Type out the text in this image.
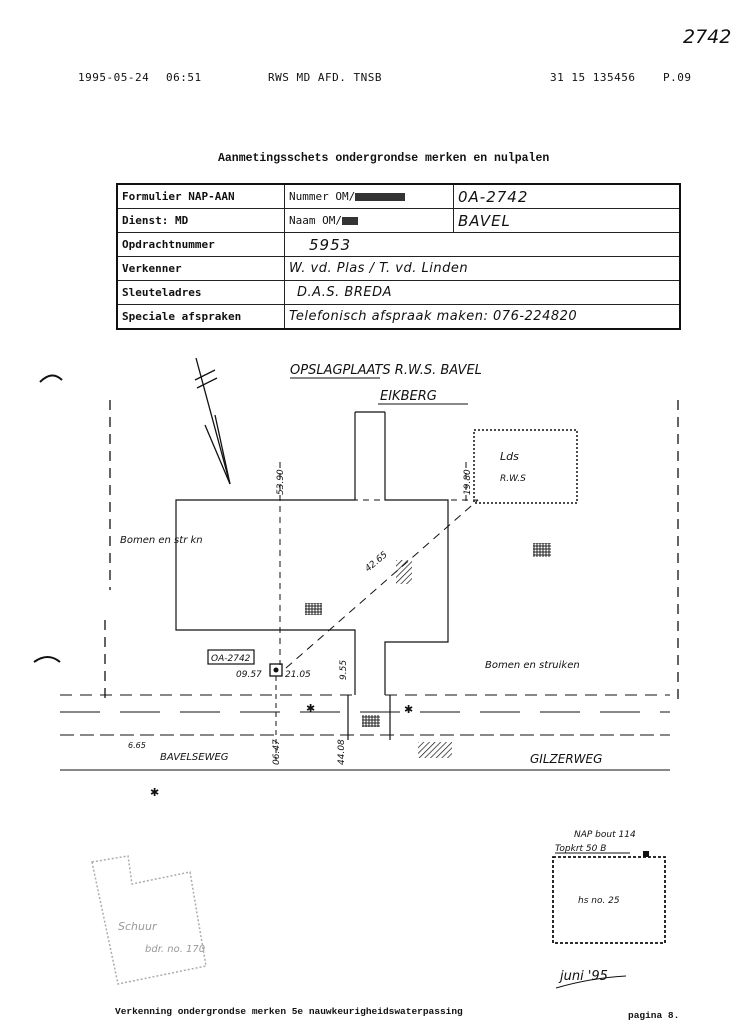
1995-05-24 06:51	RWS MD AFD. TNSB	31 15 135456	P.09
2742
Aanmetingsschets ondergrondse merken en nulpalen
Formulier NAP-AAN	Nummer OM/	0A-2742
Dienst: MD	Naam OM/	BAVEL
Opdrachtnummer	5953	
Verkenner	W. vd. Plas / T. vd. Linden	
Sleuteladres	D.A.S. BREDA	
Speciale afspraken	Telefonisch afspraak maken: 076-224820	
OPSLAGPLAATS R.W.S. BAVEL
EIKBERG
Lds
R.W.S
53.90	19.80
42.65
Bomen en str kn
Bomen en struiken
OA-2742
09.57	21.05	9.55
06.47	44.08
6.65
✱	✱
✱
BAVELSEWEG	GILZERWEG
NAP bout 114
Topkrt 50 B
hs no. 25
Schuur
bdr. no. 170
juni '95
Verkenning ondergrondse merken 5e nauwkeurigheidswaterpassing	pagina 8.
